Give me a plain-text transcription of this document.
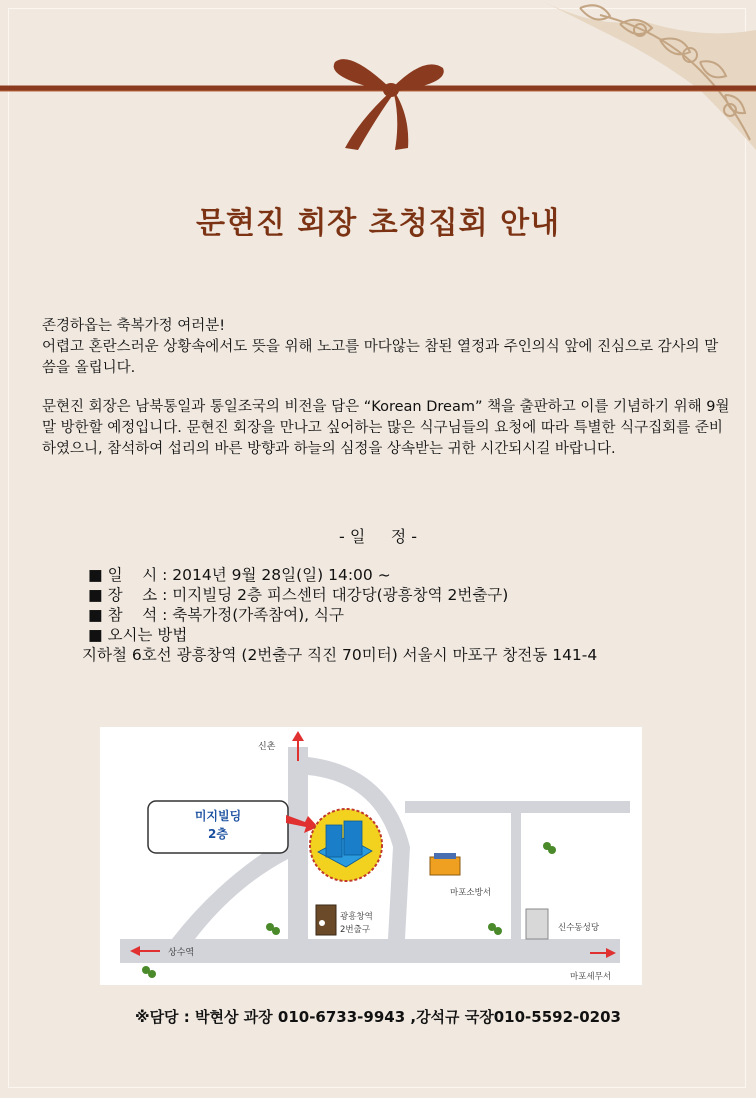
문현진 회장 초청집회 안내
존경하옵는 축복가정 여러분!
어렵고 혼란스러운 상황속에서도 뜻을 위해 노고를 마다않는 참된 열정과 주인의식 앞에 진심으로 감사의 말씀을 올립니다.
문현진 회장은 남북통일과 통일조국의 비전을 담은 “Korean Dream” 책을 출판하고 이를 기념하기 위해 9월 말 방한할 예정입니다. 문현진 회장을 만나고 싶어하는 많은 식구님들의 요청에 따라 특별한 식구집회를 준비하였으니, 참석하여 섭리의 바른 방향과 하늘의 심정을 상속받는 귀한 시간되시길 바랍니다.
- 일     정 -
■ 일    시 : 2014년 9월 28일(일) 14:00 ~
■ 장    소 : 미지빌딩 2층 피스센터 대강당(광흥창역 2번출구)
■ 참    석 : 축복가정(가족참여), 식구
■ 오시는 방법
지하철 6호선 광흥창역 (2번출구 직진 70미터) 서울시 마포구 창전동 141-4
신촌
미지빌딩
2층
마포소방서
광흥창역
2번출구	신수동성당
상수역
마포세무서
※담당 : 박현상 과장 010-6733-9943 ,강석규 국장010-5592-0203
